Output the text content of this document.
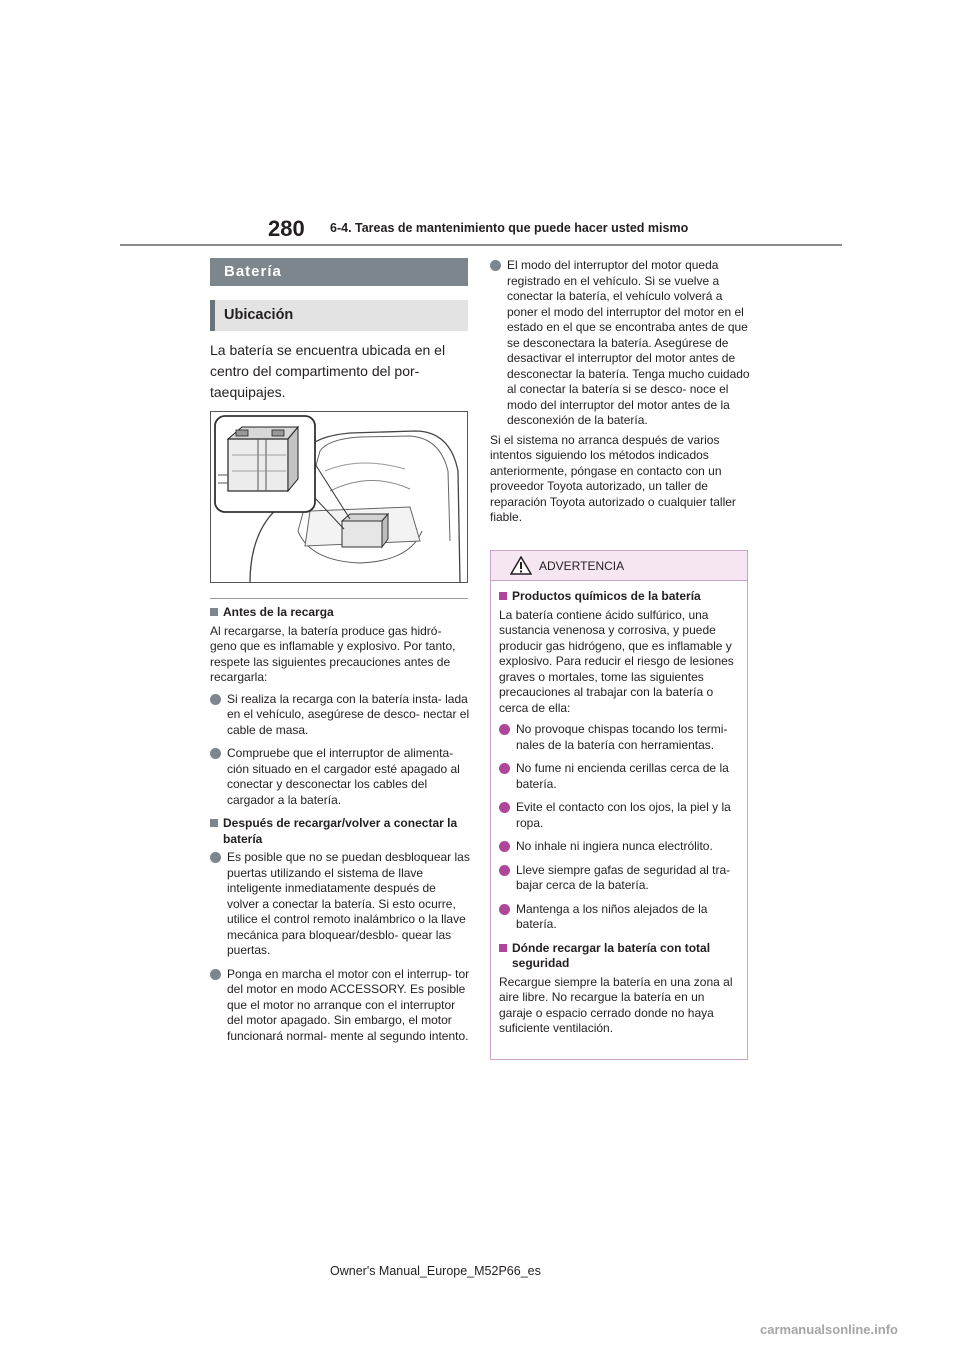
280 6-4. Tareas de mantenimiento que puede hacer usted mismo
Batería
Ubicación
La batería se encuentra ubicada en el centro del compartimento del por- taequipajes.
Antes de la recarga
Al recargarse, la batería produce gas hidró- geno que es inflamable y explosivo. Por tanto, respete las siguientes precauciones antes de recargarla:
Si realiza la recarga con la batería insta- lada en el vehículo, asegúrese de desco- nectar el cable de masa.
Compruebe que el interruptor de alimenta- ción situado en el cargador esté apagado al conectar y desconectar los cables del cargador a la batería.
Después de recargar/volver a conectar la batería
Es posible que no se puedan desbloquear las puertas utilizando el sistema de llave inteligente inmediatamente después de volver a conectar la batería. Si esto ocurre, utilice el control remoto inalámbrico o la llave mecánica para bloquear/desblo- quear las puertas.
Ponga en marcha el motor con el interrup- tor del motor en modo ACCESSORY. Es posible que el motor no arranque con el interruptor del motor apagado. Sin embargo, el motor funcionará normal- mente al segundo intento.
El modo del interruptor del motor queda registrado en el vehículo. Si se vuelve a conectar la batería, el vehículo volverá a poner el modo del interruptor del motor en el estado en el que se encontraba antes de que se desconectara la batería. Asegúrese de desactivar el interruptor del motor antes de desconectar la batería. Tenga mucho cuidado al conectar la batería si se desco- noce el modo del interruptor del motor antes de la desconexión de la batería.
Si el sistema no arranca después de varios intentos siguiendo los métodos indicados anteriormente, póngase en contacto con un proveedor Toyota autorizado, un taller de reparación Toyota autorizado o cualquier taller fiable.
ADVERTENCIA
Productos químicos de la batería
La batería contiene ácido sulfúrico, una sustancia venenosa y corrosiva, y puede producir gas hidrógeno, que es inflamable y explosivo. Para reducir el riesgo de lesiones graves o mortales, tome las siguientes precauciones al trabajar con la batería o cerca de ella:
No provoque chispas tocando los termi- nales de la batería con herramientas.
No fume ni encienda cerillas cerca de la batería.
Evite el contacto con los ojos, la piel y la ropa.
No inhale ni ingiera nunca electrólito.
Lleve siempre gafas de seguridad al tra- bajar cerca de la batería.
Mantenga a los niños alejados de la batería.
Dónde recargar la batería con total seguridad
Recargue siempre la batería en una zona al aire libre. No recargue la batería en un garaje o espacio cerrado donde no haya suficiente ventilación.
Owner's Manual_Europe_M52P66_es
carmanualsonline.info
